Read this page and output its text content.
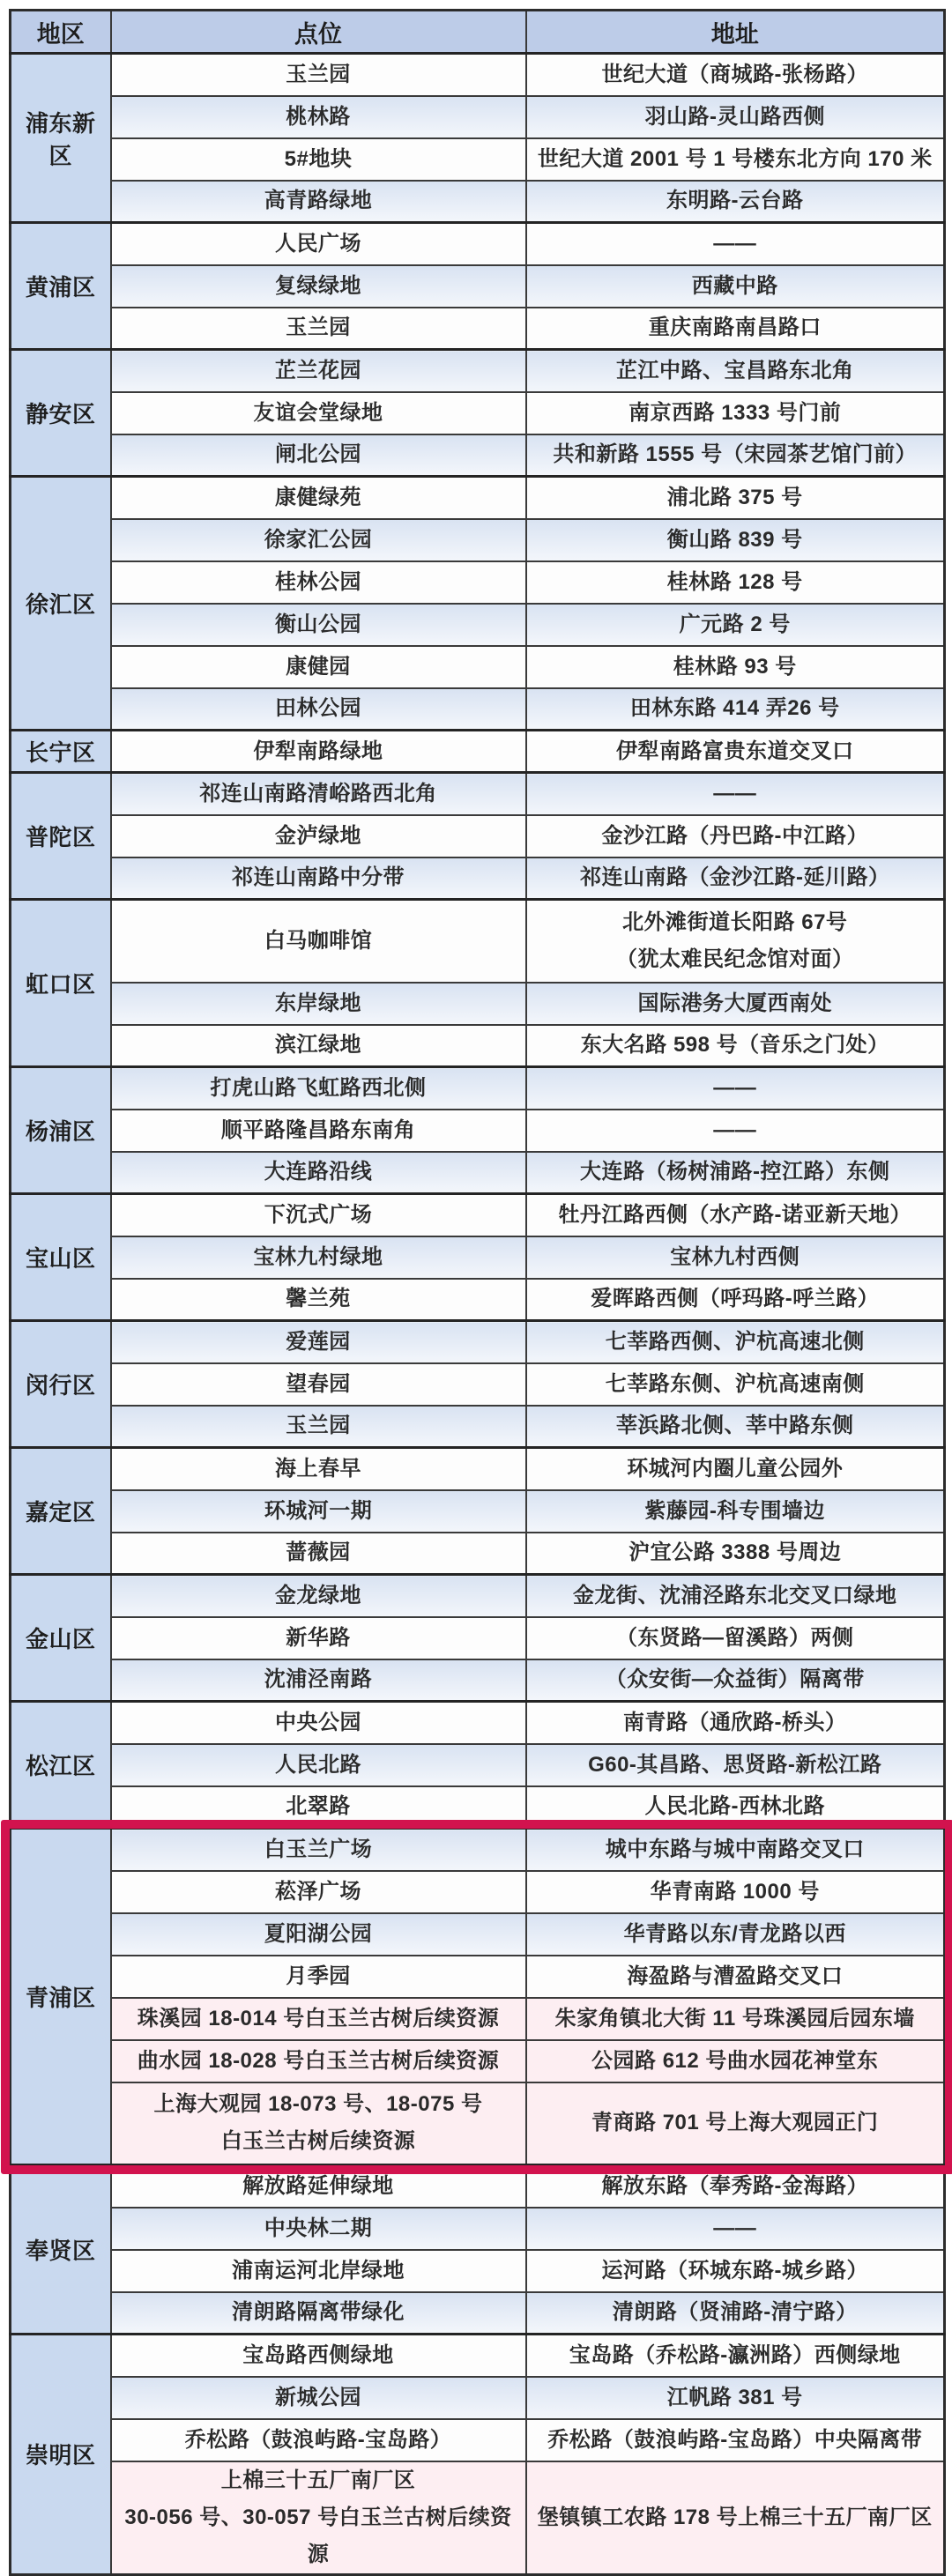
地区	点位	地址
浦东新区	玉兰园	世纪大道（商城路-张杨路）

	桃林路	羽山路-灵山路西侧

	5#地块	世纪大道 2001 号 1 号楼东北方向 170 米

	高青路绿地	东明路-云台路

黄浦区	人民广场	——

	复绿绿地	西藏中路

	玉兰园	重庆南路南昌路口

静安区	芷兰花园	芷江中路、宝昌路东北角

	友谊会堂绿地	南京西路 1333 号门前

	闸北公园	共和新路 1555 号（宋园茶艺馆门前）

徐汇区	康健绿苑	浦北路 375 号

	徐家汇公园	衡山路 839 号

	桂林公园	桂林路 128 号

	衡山公园	广元路 2 号

	康健园	桂林路 93 号

	田林公园	田林东路 414 弄26 号

长宁区	伊犁南路绿地	伊犁南路富贵东道交叉口

普陀区	祁连山南路清峪路西北角	——

	金泸绿地	金沙江路（丹巴路-中江路）

	祁连山南路中分带	祁连山南路（金沙江路-延川路）

虹口区	白马咖啡馆	北外滩街道长阳路 67号
（犹太难民纪念馆对面）

	东岸绿地	国际港务大厦西南处

	滨江绿地	东大名路 598 号（音乐之门处）

杨浦区	打虎山路飞虹路西北侧	——

	顺平路隆昌路东南角	——

	大连路沿线	大连路（杨树浦路-控江路）东侧

宝山区	下沉式广场	牡丹江路西侧（水产路-诺亚新天地）

	宝林九村绿地	宝林九村西侧

	馨兰苑	爱晖路西侧（呼玛路-呼兰路）

闵行区	爱莲园	七莘路西侧、沪杭高速北侧

	望春园	七莘路东侧、沪杭高速南侧

	玉兰园	莘浜路北侧、莘中路东侧

嘉定区	海上春早	环城河内圈儿童公园外

	环城河一期	紫藤园-科专围墙边

	蔷薇园	沪宜公路 3388 号周边

金山区	金龙绿地	金龙街、沈浦泾路东北交叉口绿地

	新华路	（东贤路—留溪路）两侧

	沈浦泾南路	（众安街—众益街）隔离带

松江区	中央公园	南青路（通欣路-桥头）

	人民北路	G60-其昌路、思贤路-新松江路

	北翠路	人民北路-西林北路

青浦区	白玉兰广场	城中东路与城中南路交叉口

	菘泽广场	华青南路 1000 号

	夏阳湖公园	华青路以东/青龙路以西

	月季园	海盈路与漕盈路交叉口

	珠溪园 18-014 号白玉兰古树后续资源	朱家角镇北大街 11 号珠溪园后园东墙

	曲水园 18-028 号白玉兰古树后续资源	公园路 612 号曲水园花神堂东

	上海大观园 18-073 号、18-075 号
白玉兰古树后续资源	青商路 701 号上海大观园正门

奉贤区	解放路延伸绿地	解放东路（奉秀路-金海路）

	中央林二期	——

	浦南运河北岸绿地	运河路（环城东路-城乡路）

	清朗路隔离带绿化	清朗路（贤浦路-清宁路）

崇明区	宝岛路西侧绿地	宝岛路（乔松路-瀛洲路）西侧绿地

	新城公园	江帆路 381 号

	乔松路（鼓浪屿路-宝岛路）	乔松路（鼓浪屿路-宝岛路）中央隔离带

	上棉三十五厂南厂区
30-056 号、30-057 号白玉兰古树后续资源	堡镇镇工农路 178 号上棉三十五厂南厂区
